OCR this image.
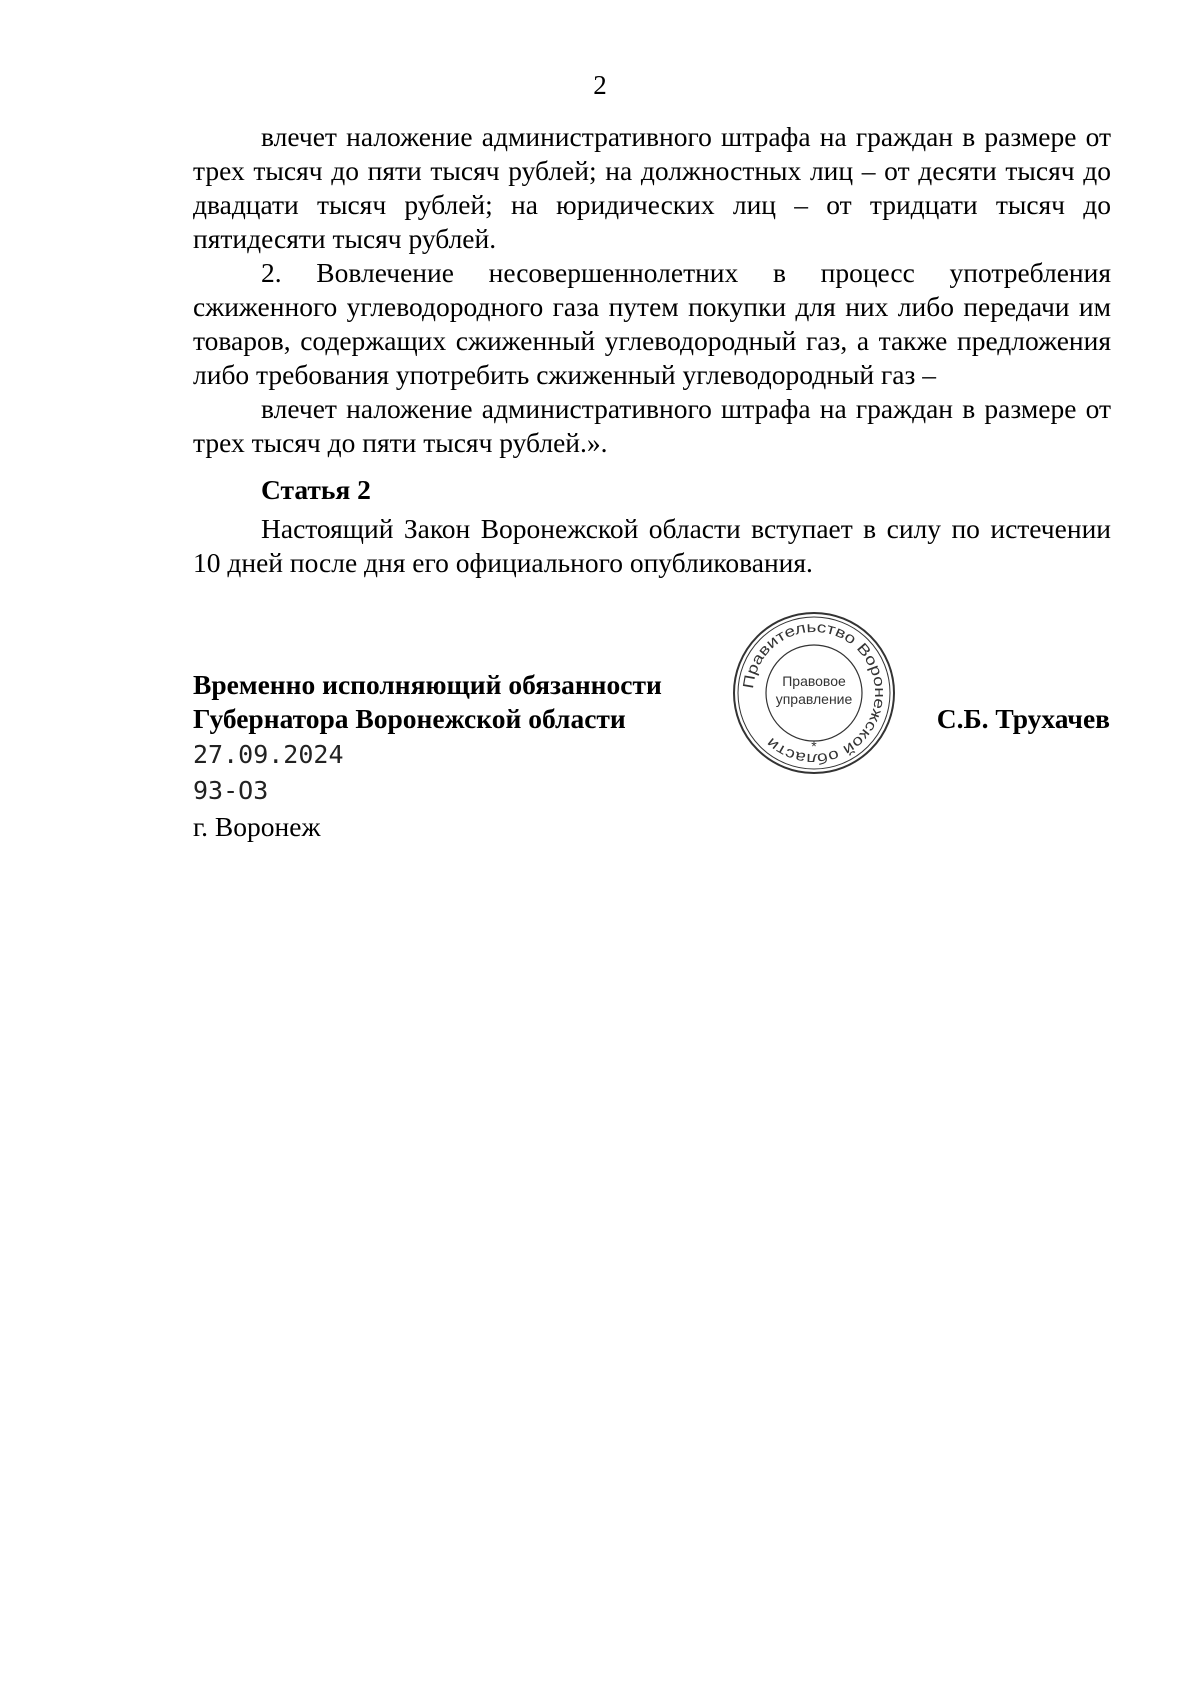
2

влечет наложение административного штрафа на граждан в размере от трех тысяч до пяти тысяч рублей; на должностных лиц – от десяти тысяч до двадцати тысяч рублей; на юридических лиц – от тридцати тысяч до пятидесяти тысяч рублей.

2. Вовлечение несовершеннолетних в процесс употребления сжиженного углеводородного газа путем покупки для них либо передачи им товаров, содержащих сжиженный углеводородный газ, а также предложения либо требования употребить сжиженный углеводородный газ –

влечет наложение административного штрафа на граждан в размере от трех тысяч до пяти тысяч рублей.».

Статья 2

Настоящий Закон Воронежской области вступает в силу по истечении 10 дней после дня его официального опубликования.

Временно исполняющий обязанности
Губернатора Воронежской области
Правительство Воронежской области
Правовое
управление
*
С.Б. Трухачев
27.09.2024
93-ОЗ
г. Воронеж
